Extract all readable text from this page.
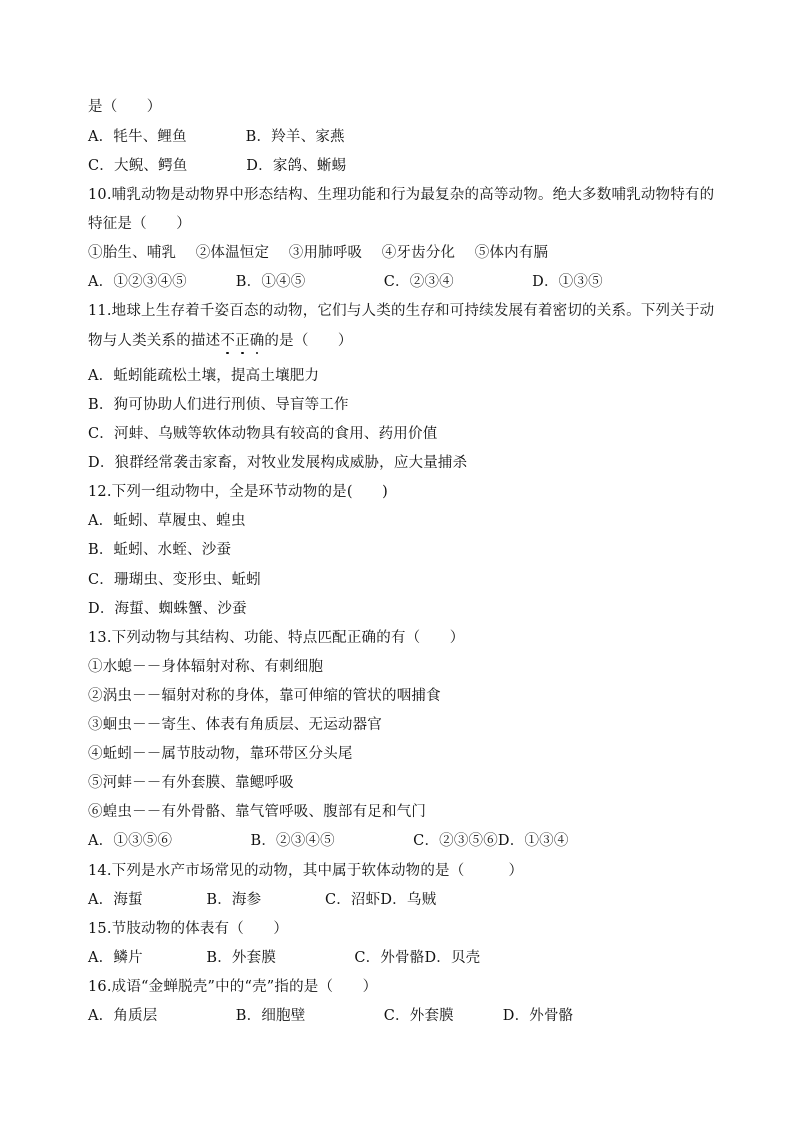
是（　　）
A．牦牛、鲤鱼　　　　B．羚羊、家燕
C．大鲵、鳄鱼　　　　D．家鸽、蜥蜴
10.哺乳动物是动物界中形态结构、生理功能和行为最复杂的高等动物。绝大多数哺乳动物特有的
特征是（　　）
①胎生、哺乳　 ②体温恒定　 ③用肺呼吸　 ④牙齿分化　 ⑤体内有膈
A．①②③④⑤　　　 B．①④⑤　　　　　 C．②③④　　　　　 D．①③⑤
11.地球上生存着千姿百态的动物，它们与人类的生存和可持续发展有着密切的关系。下列关于动
物与人类关系的描述不正确的是（　　）
A．蚯蚓能疏松土壤，提高土壤肥力
B．狗可协助人们进行刑侦、导盲等工作
C．河蚌、乌贼等软体动物具有较高的食用、药用价值
D．狼群经常袭击家畜，对牧业发展构成威胁，应大量捕杀
12.下列一组动物中，全是环节动物的是(　　)
A．蚯蚓、草履虫、蝗虫
B．蚯蚓、水蛭、沙蚕
C．珊瑚虫、变形虫、蚯蚓
D．海蜇、蜘蛛蟹、沙蚕
13.下列动物与其结构、功能、特点匹配正确的有（　　）
①水螅－－身体辐射对称、有刺细胞
②涡虫－－辐射对称的身体，靠可伸缩的管状的咽捕食
③蛔虫－－寄生、体表有角质层、无运动器官
④蚯蚓－－属节肢动物，靠环带区分头尾
⑤河蚌－－有外套膜、靠鳃呼吸
⑥蝗虫－－有外骨骼、靠气管呼吸、腹部有足和气门
A．①③⑤⑥　　　　　 B．②③④⑤　　　　　 C．②③⑤⑥D．①③④
14.下列是水产市场常见的动物，其中属于软体动物的是（　　　）
A．海蜇　　　　 B．海参　　　　 C．沼虾D．乌贼
15.节肢动物的体表有（　　）
A．鳞片　　　　 B．外套膜　　　　　 C．外骨骼D．贝壳
16.成语“金蝉脱壳”中的“壳”指的是（　　）
A．角质层　　　　　 B．细胞壁　　　　　 C．外套膜　　　 D．外骨骼
